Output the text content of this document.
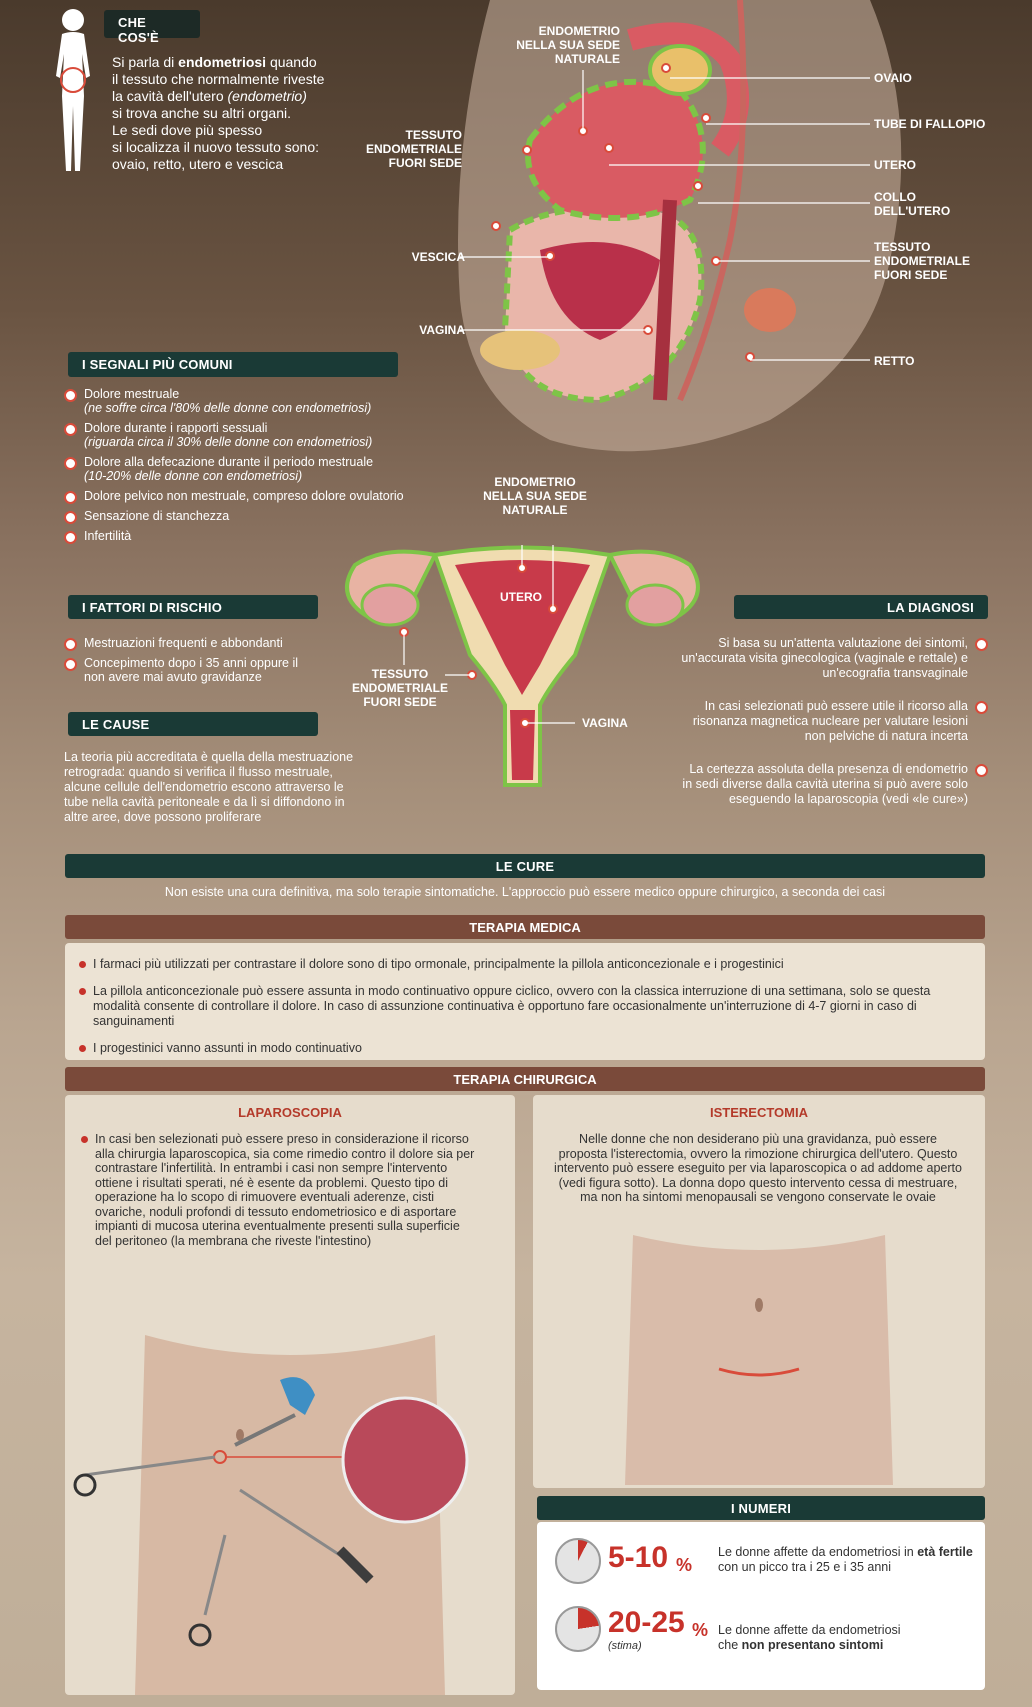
CHE COS'È
Si parla di endometriosi quando
il tessuto che normalmente riveste
la cavità dell'utero (endometrio)
si trova anche su altri organi.
Le sedi dove più spesso
si localizza il nuovo tessuto sono:
ovaio, retto, utero e vescica
ENDOMETRIO NELLA SUA SEDE NATURALE
TESSUTO ENDOMETRIALE FUORI SEDE
VESCICA
VAGINA
OVAIO
TUBE DI FALLOPIO
UTERO
COLLO DELL'UTERO
TESSUTO ENDOMETRIALE FUORI SEDE
RETTO
I SEGNALI PIÙ COMUNI
Dolore mestruale
(ne soffre circa l'80% delle donne con endometriosi)
Dolore durante i rapporti sessuali
(riguarda circa il 30% delle donne con endometriosi)
Dolore alla defecazione durante il periodo mestruale
(10-20% delle donne con endometriosi)
Dolore pelvico non mestruale, compreso dolore ovulatorio
Sensazione di stanchezza
Infertilità
ENDOMETRIO NELLA SUA SEDE NATURALE
UTERO
TESSUTO ENDOMETRIALE FUORI SEDE
VAGINA
I FATTORI DI RISCHIO
Mestruazioni frequenti e abbondanti
Concepimento dopo i 35 anni oppure il non avere mai avuto gravidanze
LE CAUSE
La teoria più accreditata è quella della mestruazione retrograda: quando si verifica il flusso mestruale, alcune cellule dell'endometrio escono attraverso le tube nella cavità peritoneale e da lì si diffondono in altre aree, dove possono proliferare
LA DIAGNOSI
Si basa su un'attenta valutazione dei sintomi, un'accurata visita ginecologica (vaginale e rettale) e un'ecografia transvaginale
In casi selezionati può essere utile il ricorso alla risonanza magnetica nucleare per valutare lesioni non pelviche di natura incerta
La certezza assoluta della presenza di endometrio in sedi diverse dalla cavità uterina si può avere solo eseguendo la laparoscopia (vedi «le cure»)
LE CURE
Non esiste una cura definitiva, ma solo terapie sintomatiche. L'approccio può essere medico oppure chirurgico, a seconda dei casi
TERAPIA MEDICA
I farmaci più utilizzati per contrastare il dolore sono di tipo ormonale, principalmente la pillola anticoncezionale e i progestinici
La pillola anticoncezionale può essere assunta in modo continuativo oppure ciclico, ovvero con la classica interruzione di una settimana, solo se questa modalità consente di controllare il dolore. In caso di assunzione continuativa è opportuno fare occasionalmente un'interruzione di 4-7 giorni in caso di sanguinamenti
I progestinici vanno assunti in modo continuativo
TERAPIA CHIRURGICA
LAPAROSCOPIA

In casi ben selezionati può essere preso in considerazione il ricorso alla chirurgia laparoscopica, sia come rimedio contro il dolore sia per contrastare l'infertilità. In entrambi i casi non sempre l'intervento ottiene i risultati sperati, né è esente da problemi. Questo tipo di operazione ha lo scopo di rimuovere eventuali aderenze, cisti ovariche, noduli profondi di tessuto endometriosico e di asportare impianti di mucosa uterina eventualmente presenti sulla superficie del peritoneo (la membrana che riveste l'intestino)

ISTERECTOMIA

Nelle donne che non desiderano più una gravidanza, può essere proposta l'isterectomia, ovvero la rimozione chirurgica dell'utero. Questo intervento può essere eseguito per via laparoscopica o ad addome aperto (vedi figura sotto). La donna dopo questo intervento cessa di mestruare, ma non ha sintomi menopausali se vengono conservate le ovaie

I NUMERI
5-10 %
Le donne affette da endometriosi in età fertile
con un picco tra i 25 e i 35 anni
20-25 %
(stima)
Le donne affette da endometriosi
che non presentano sintomi
